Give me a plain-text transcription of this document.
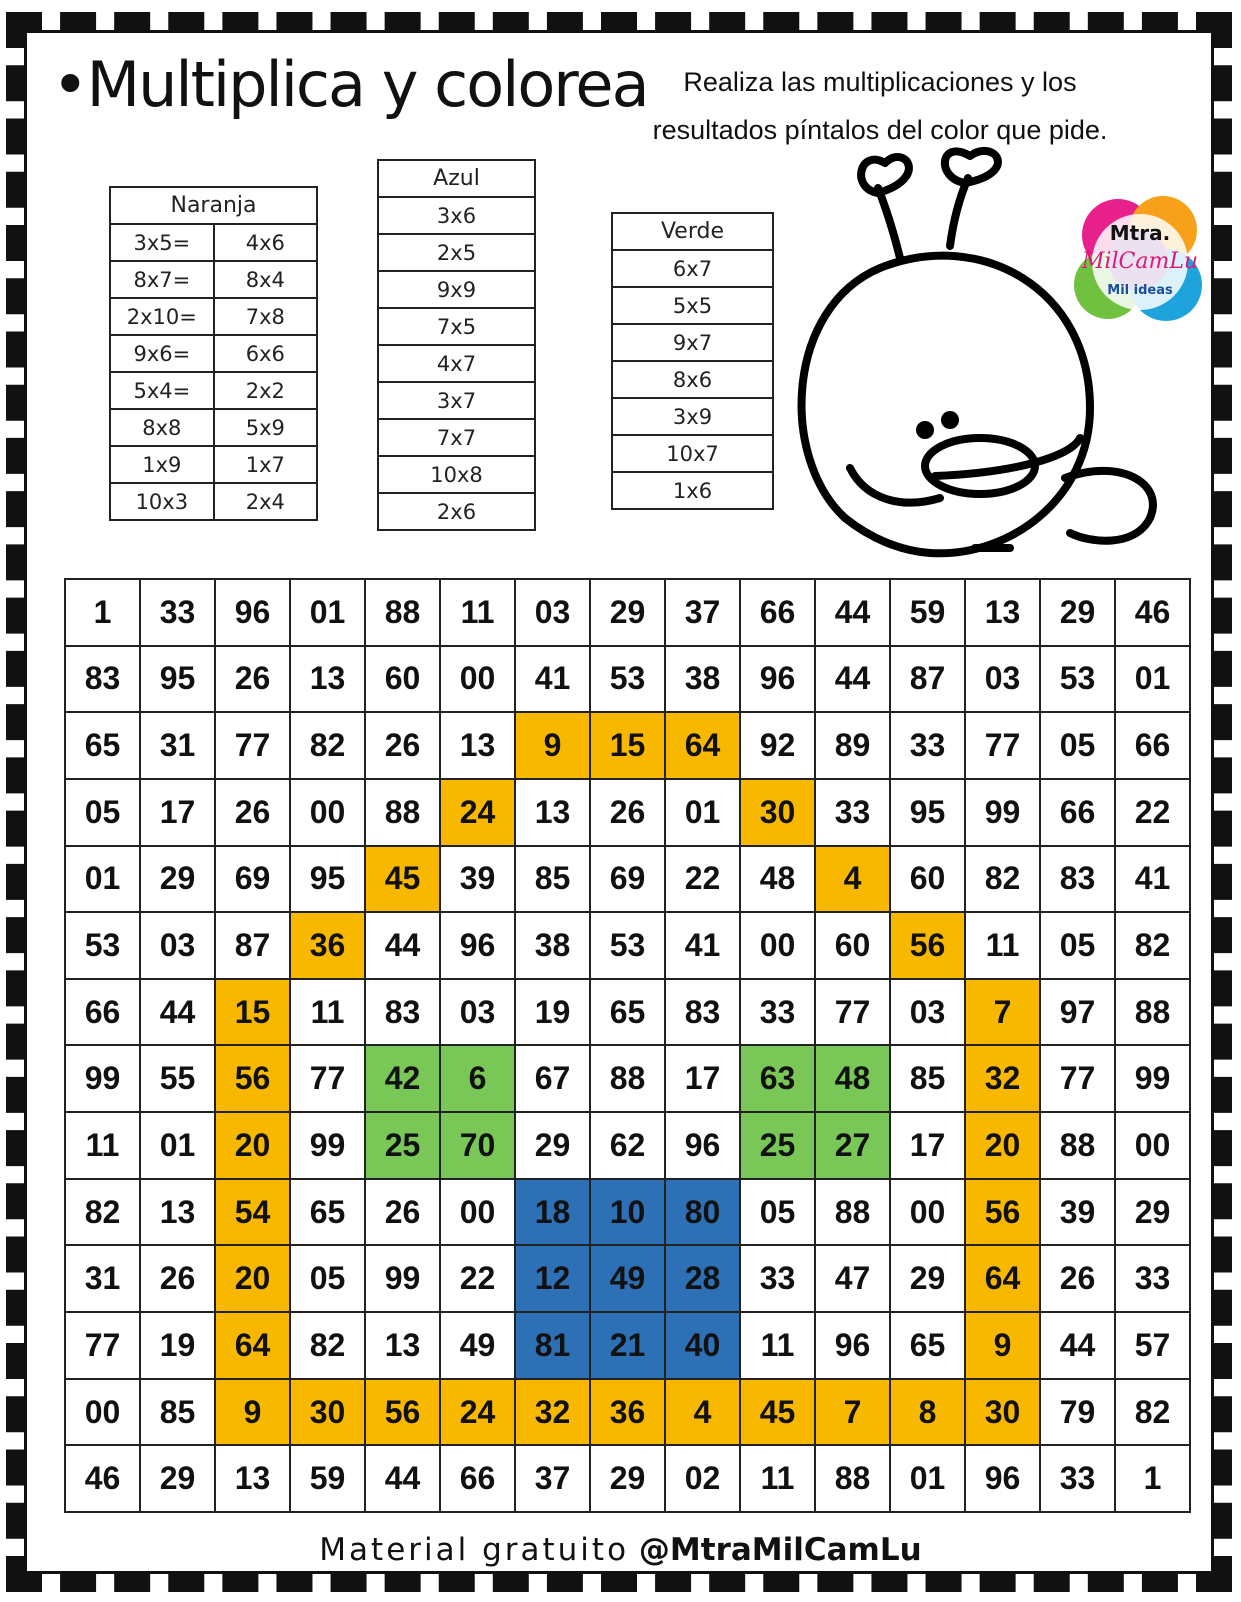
•Multiplica y colorea	Realiza las multiplicaciones y los resultados píntalos del color que pide.
Naranja	
3x5=	4x6
8x7=	8x4
2x10=	7x8
9x6=	6x6
5x4=	2x2
8x8	5x9
1x9	1x7
10x3	2x4
Azul
3x6
2x5
9x9
7x5
4x7
3x7
7x7
10x8
2x6
Verde
6x7
5x5
9x7
8x6
3x9
10x7
1x6
Mtra.
MilCamLu
Mil ideas
1	33	96	01	88	11	03	29	37	66	44	59	13	29	46
83	95	26	13	60	00	41	53	38	96	44	87	03	53	01
65	31	77	82	26	13	9	15	64	92	89	33	77	05	66
05	17	26	00	88	24	13	26	01	30	33	95	99	66	22
01	29	69	95	45	39	85	69	22	48	4	60	82	83	41
53	03	87	36	44	96	38	53	41	00	60	56	11	05	82
66	44	15	11	83	03	19	65	83	33	77	03	7	97	88
99	55	56	77	42	6	67	88	17	63	48	85	32	77	99
11	01	20	99	25	70	29	62	96	25	27	17	20	88	00
82	13	54	65	26	00	18	10	80	05	88	00	56	39	29
31	26	20	05	99	22	12	49	28	33	47	29	64	26	33
77	19	64	82	13	49	81	21	40	11	96	65	9	44	57
00	85	9	30	56	24	32	36	4	45	7	8	30	79	82
46	29	13	59	44	66	37	29	02	11	88	01	96	33	1
Material gratuito @MtraMilCamLu
